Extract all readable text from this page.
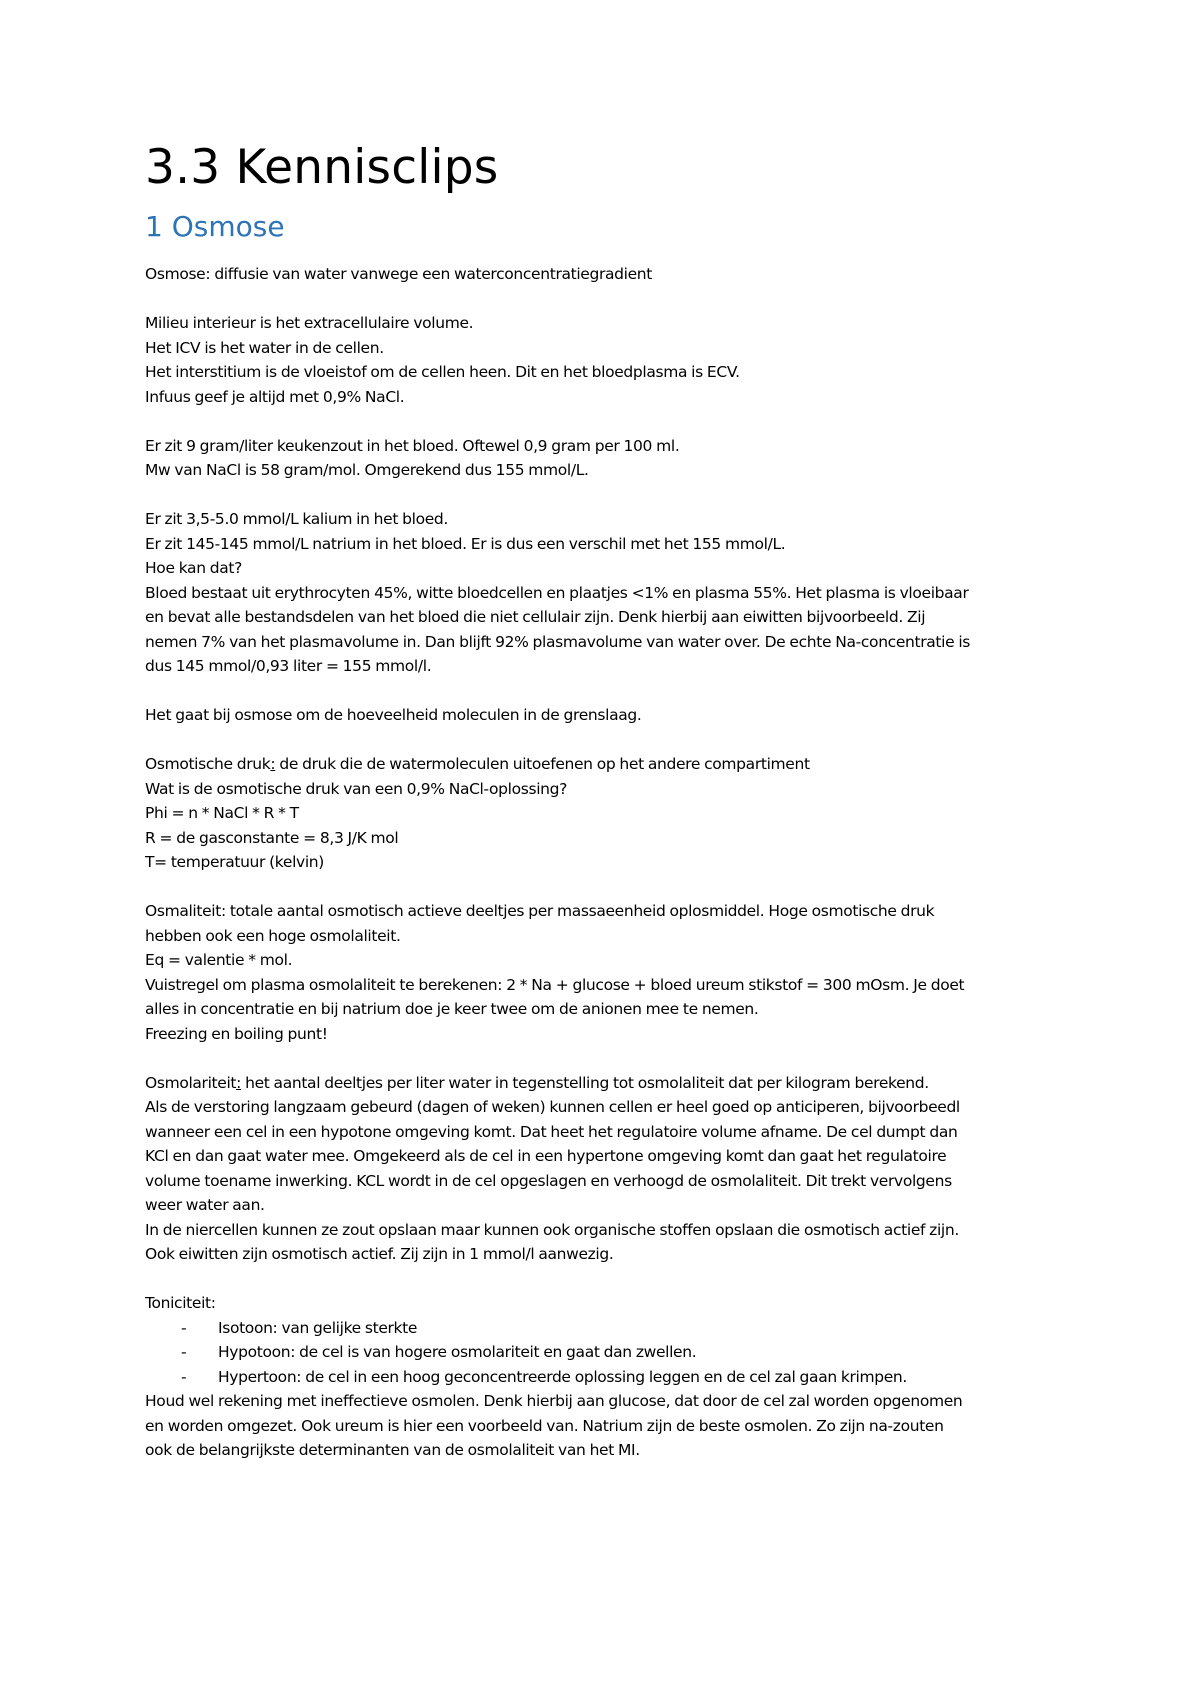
3.3 Kennisclips
1 Osmose
Osmose: diffusie van water vanwege een waterconcentratiegradient
Milieu interieur is het extracellulaire volume.
Het ICV is het water in de cellen.
Het interstitium is de vloeistof om de cellen heen. Dit en het bloedplasma is ECV.
Infuus geef je altijd met 0,9% NaCl.
Er zit 9 gram/liter keukenzout in het bloed. Oftewel 0,9 gram per 100 ml.
Mw van NaCl is 58 gram/mol. Omgerekend dus 155 mmol/L.
Er zit 3,5-5.0 mmol/L kalium in het bloed.
Er zit 145-145 mmol/L natrium in het bloed. Er is dus een verschil met het 155 mmol/L.
Hoe kan dat?
Bloed bestaat uit erythrocyten 45%, witte bloedcellen en plaatjes <1% en plasma 55%. Het plasma is vloeibaar
en bevat alle bestandsdelen van het bloed die niet cellulair zijn. Denk hierbij aan eiwitten bijvoorbeeld. Zij
nemen 7% van het plasmavolume in. Dan blijft 92% plasmavolume van water over. De echte Na-concentratie is
dus 145 mmol/0,93 liter = 155 mmol/l.
Het gaat bij osmose om de hoeveelheid moleculen in de grenslaag.
Osmotische druk: de druk die de watermoleculen uitoefenen op het andere compartiment
Wat is de osmotische druk van een 0,9% NaCl-oplossing?
Phi = n * NaCl * R * T
R = de gasconstante = 8,3 J/K mol
T= temperatuur (kelvin)
Osmaliteit: totale aantal osmotisch actieve deeltjes per massaeenheid oplosmiddel. Hoge osmotische druk
hebben ook een hoge osmolaliteit.
Eq = valentie * mol.
Vuistregel om plasma osmolaliteit te berekenen: 2 * Na + glucose + bloed ureum stikstof = 300 mOsm. Je doet
alles in concentratie en bij natrium doe je keer twee om de anionen mee te nemen.
Freezing en boiling punt!
Osmolariteit: het aantal deeltjes per liter water in tegenstelling tot osmolaliteit dat per kilogram berekend.
Als de verstoring langzaam gebeurd (dagen of weken) kunnen cellen er heel goed op anticiperen, bijvoorbeedl
wanneer een cel in een hypotone omgeving komt. Dat heet het regulatoire volume afname. De cel dumpt dan
KCl en dan gaat water mee. Omgekeerd als de cel in een hypertone omgeving komt dan gaat het regulatoire
volume toename inwerking. KCL wordt in de cel opgeslagen en verhoogd de osmolaliteit. Dit trekt vervolgens
weer water aan.
In de niercellen kunnen ze zout opslaan maar kunnen ook organische stoffen opslaan die osmotisch actief zijn.
Ook eiwitten zijn osmotisch actief. Zij zijn in 1 mmol/l aanwezig.
Toniciteit:
- Isotoon: van gelijke sterkte
- Hypotoon: de cel is van hogere osmolariteit en gaat dan zwellen.
- Hypertoon: de cel in een hoog geconcentreerde oplossing leggen en de cel zal gaan krimpen.
Houd wel rekening met ineffectieve osmolen. Denk hierbij aan glucose, dat door de cel zal worden opgenomen
en worden omgezet. Ook ureum is hier een voorbeeld van. Natrium zijn de beste osmolen. Zo zijn na-zouten
ook de belangrijkste determinanten van de osmolaliteit van het MI.
